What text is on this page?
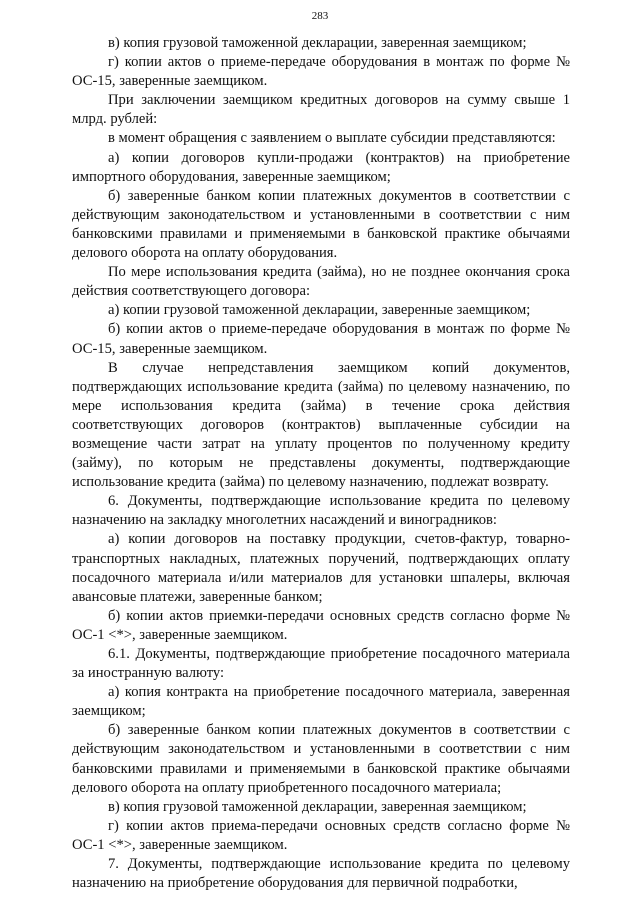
283

в) копия грузовой таможенной декларации, заверенная заемщиком;

г) копии актов о приеме-передаче оборудования в монтаж по форме № ОС-15, заверенные заемщиком.

При заключении заемщиком кредитных договоров на сумму свыше 1 млрд. рублей:

в момент обращения с заявлением о выплате субсидии представляются:

а) копии договоров купли-продажи (контрактов) на приобретение импортного оборудования, заверенные заемщиком;

б) заверенные банком копии платежных документов в соответствии с действующим законодательством и установленными в соответствии с ним банковскими правилами и применяемыми в банковской практике обычаями делового оборота на оплату оборудования.

По мере использования кредита (займа), но не позднее окончания срока действия соответствующего договора:

а) копии грузовой таможенной декларации, заверенные заемщиком;

б) копии актов о приеме-передаче оборудования в монтаж по форме № ОС-15, заверенные заемщиком.

В случае непредставления заемщиком копий документов, подтверждающих использование кредита (займа) по целевому назначению, по мере использования кредита (займа) в течение срока действия соответствующих договоров (контрактов) выплаченные субсидии на возмещение части затрат на уплату процентов по полученному кредиту (займу), по которым не представлены документы, подтверждающие использование кредита (займа) по целевому назначению, подлежат возврату.

6. Документы, подтверждающие использование кредита по целевому назначению на закладку многолетних насаждений и виноградников:

а) копии договоров на поставку продукции, счетов-фактур, товарно-транспортных накладных, платежных поручений, подтверждающих оплату посадочного материала и/или материалов для установки шпалеры, включая авансовые платежи, заверенные банком;

б) копии актов приемки-передачи основных средств согласно форме № ОС-1 <*>, заверенные заемщиком.

6.1. Документы, подтверждающие приобретение посадочного материала за иностранную валюту:

а) копия контракта на приобретение посадочного материала, заверенная заемщиком;

б) заверенные банком копии платежных документов в соответствии с действующим законодательством и установленными в соответствии с ним банковскими правилами и применяемыми в банковской практике обычаями делового оборота на оплату приобретенного посадочного материала;

в) копия грузовой таможенной декларации, заверенная заемщиком;

г) копии актов приема-передачи основных средств согласно форме № ОС-1 <*>, заверенные заемщиком.

7. Документы, подтверждающие использование кредита по целевому назначению на приобретение оборудования для первичной подработки,
